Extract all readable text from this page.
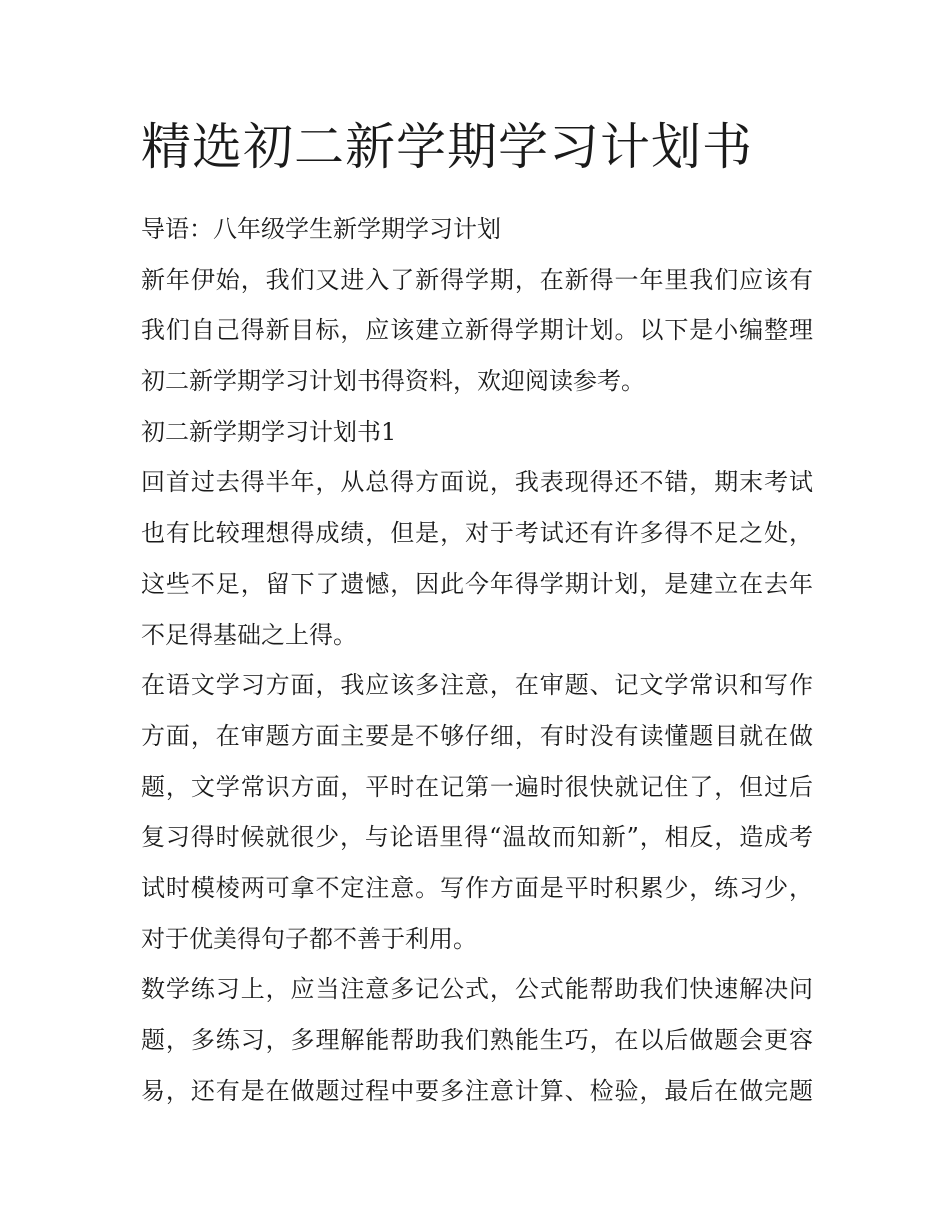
精选初二新学期学习计划书
导语：八年级学生新学期学习计划
新年伊始，我们又进入了新得学期，在新得一年里我们应该有
我们自己得新目标，应该建立新得学期计划。以下是小编整理
初二新学期学习计划书得资料，欢迎阅读参考。
初二新学期学习计划书1
回首过去得半年，从总得方面说，我表现得还不错，期末考试
也有比较理想得成绩，但是，对于考试还有许多得不足之处，
这些不足，留下了遗憾，因此今年得学期计划，是建立在去年
不足得基础之上得。
在语文学习方面，我应该多注意，在审题、记文学常识和写作
方面，在审题方面主要是不够仔细，有时没有读懂题目就在做
题，文学常识方面，平时在记第一遍时很快就记住了，但过后
复习得时候就很少，与论语里得“温故而知新”，相反，造成考
试时模棱两可拿不定注意。写作方面是平时积累少，练习少，
对于优美得句子都不善于利用。
数学练习上，应当注意多记公式，公式能帮助我们快速解决问
题，多练习，多理解能帮助我们熟能生巧，在以后做题会更容
易，还有是在做题过程中要多注意计算、检验，最后在做完题
